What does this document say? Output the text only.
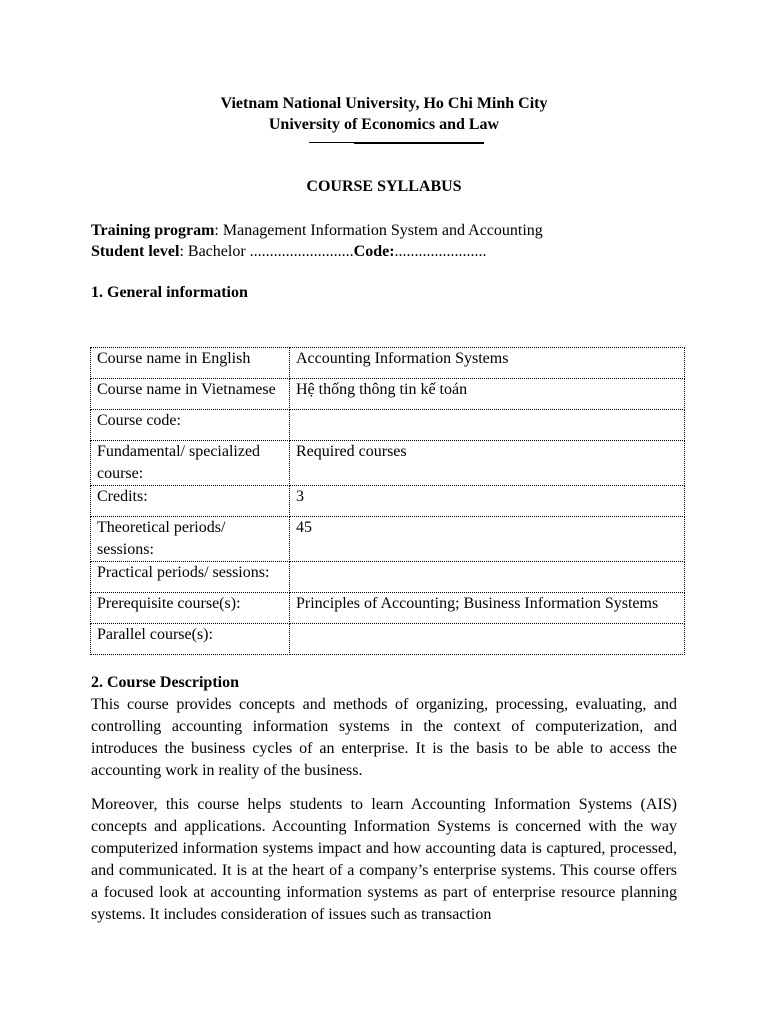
Vietnam National University, Ho Chi Minh City
University of Economics and Law
COURSE SYLLABUS
Training program: Management Information System and Accounting
Student level: Bachelor ..........................Code:.......................
1. General information
Course name in English	Accounting Information Systems
Course name in Vietnamese	Hệ thống thông tin kế toán
Course code:	
Fundamental/ specialized course:	Required courses
Credits:	3
Theoretical periods/ sessions:	45
Practical periods/ sessions:	
Prerequisite course(s):	Principles of Accounting; Business Information Systems
Parallel course(s):	
2. Course Description

This course provides concepts and methods of organizing, processing, evaluating, and controlling accounting information systems in the context of computerization, and introduces the business cycles of an enterprise. It is the basis to be able to access the accounting work in reality of the business.

Moreover, this course helps students to learn Accounting Information Systems (AIS) concepts and applications. Accounting Information Systems is concerned with the way computerized information systems impact and how accounting data is captured, processed, and communicated. It is at the heart of a company’s enterprise systems. This course offers a focused look at accounting information systems as part of enterprise resource planning systems. It includes consideration of issues such as transaction
